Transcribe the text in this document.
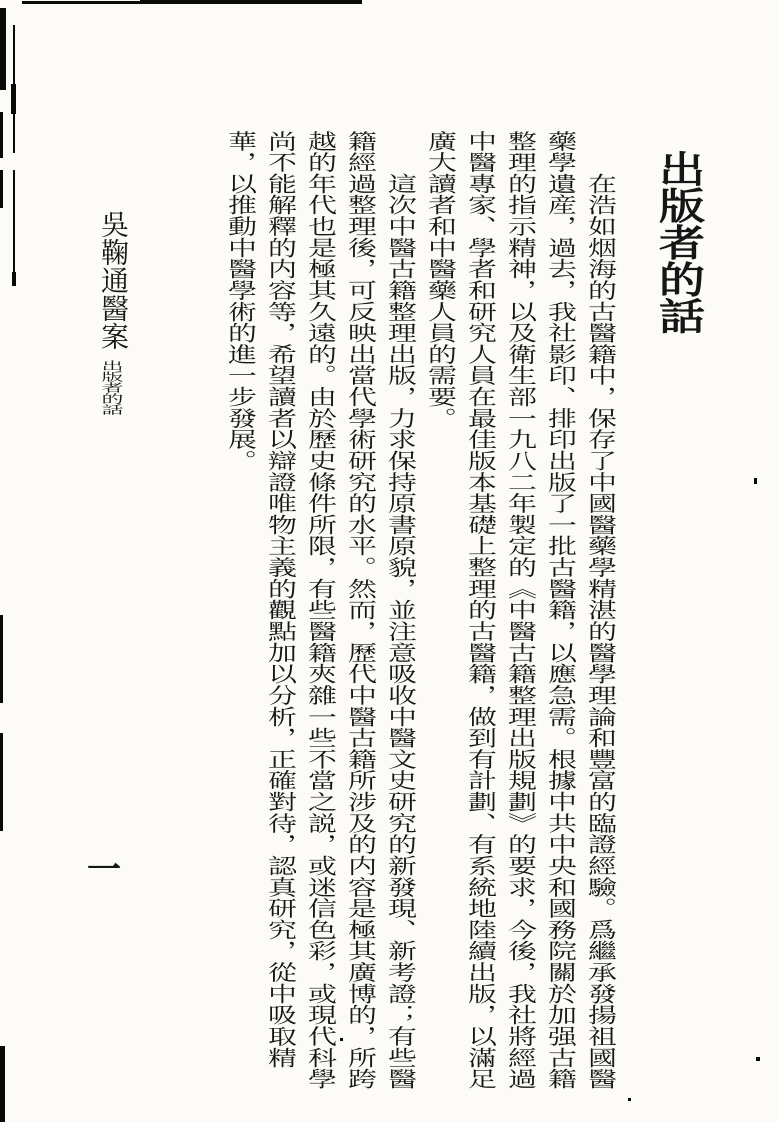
出版者的話

在浩如烟海的古醫籍中，保存了中國醫藥學精湛的醫學理論和豐富的臨證經驗。爲繼承發揚祖國醫藥學遺産，過去，我社影印、排印出版了一批古醫籍，以應急需。根據中共中央和國務院關於加强古籍整理的指示精神，以及衛生部一九八二年製定的《中醫古籍整理出版規劃》的要求，今後，我社將經過中醫專家、學者和研究人員在最佳版本基礎上整理的古醫籍，做到有計劃、有系統地陸續出版，以滿足廣大讀者和中醫藥人員的需要。

這次中醫古籍整理出版，力求保持原書原貌，並注意吸收中醫文史研究的新發現、新考證；有些醫籍經過整理後，可反映出當代學術研究的水平。然而，歷代中醫古籍所涉及的内容是極其廣博的，所跨越的年代也是極其久遠的。由於歷史條件所限，有些醫籍夾雜一些不當之説，或迷信色彩，或現代科學尚不能解釋的内容等，希望讀者以辯證唯物主義的觀點加以分析，正確對待，認真研究，從中吸取精華，以推動中醫學術的進一步發展。

吳鞠通醫案
出版者的話
一
